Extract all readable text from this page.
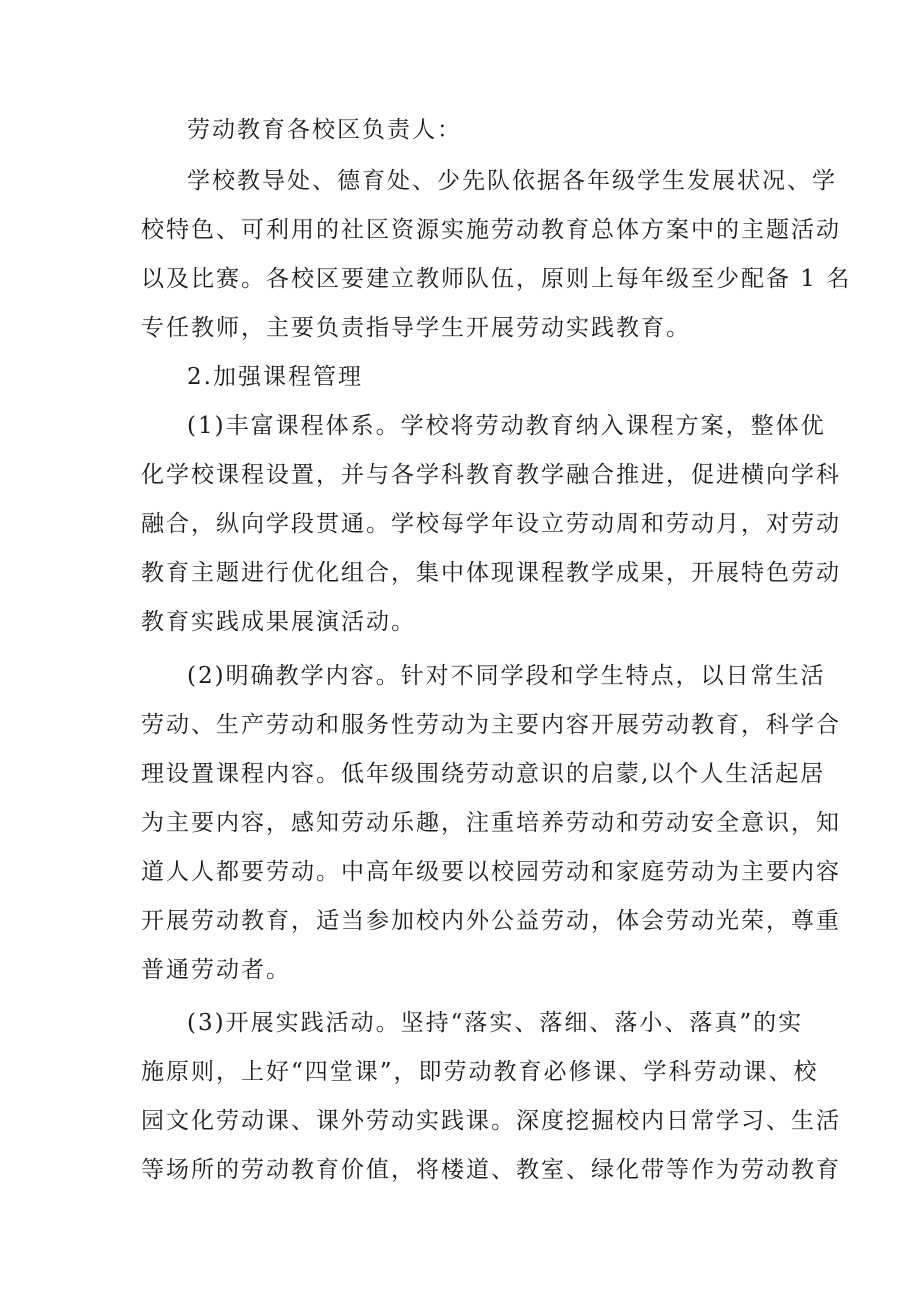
劳动教育各校区负责人：

学校教导处、德育处、少先队依据各年级学生发展状况、学

校特色、可利用的社区资源实施劳动教育总体方案中的主题活动

以及比赛。各校区要建立教师队伍，原则上每年级至少配备 1 名

专任教师，主要负责指导学生开展劳动实践教育。

2.加强课程管理

(1)丰富课程体系。学校将劳动教育纳入课程方案，整体优

化学校课程设置，并与各学科教育教学融合推进，促进横向学科

融合，纵向学段贯通。学校每学年设立劳动周和劳动月，对劳动

教育主题进行优化组合，集中体现课程教学成果，开展特色劳动

教育实践成果展演活动。

(2)明确教学内容。针对不同学段和学生特点，以日常生活

劳动、生产劳动和服务性劳动为主要内容开展劳动教育，科学合

理设置课程内容。低年级围绕劳动意识的启蒙,以个人生活起居

为主要内容，感知劳动乐趣，注重培养劳动和劳动安全意识，知

道人人都要劳动。中高年级要以校园劳动和家庭劳动为主要内容

开展劳动教育，适当参加校内外公益劳动，体会劳动光荣，尊重

普通劳动者。

(3)开展实践活动。坚持“落实、落细、落小、落真”的实

施原则，上好“四堂课”，即劳动教育必修课、学科劳动课、校

园文化劳动课、课外劳动实践课。深度挖掘校内日常学习、生活

等场所的劳动教育价值，将楼道、教室、绿化带等作为劳动教育
